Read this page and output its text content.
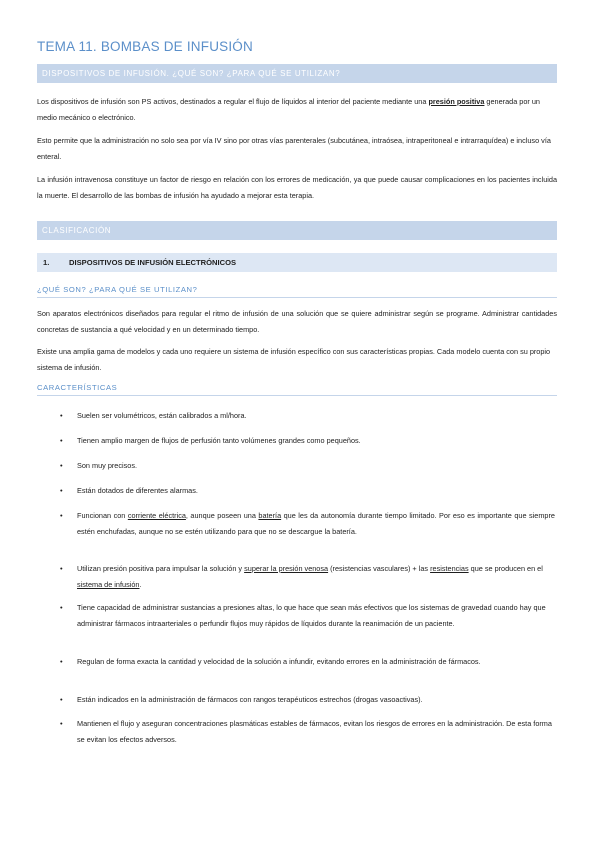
TEMA 11. BOMBAS DE INFUSIÓN
DISPOSITIVOS DE INFUSIÓN. ¿QUÉ SON? ¿PARA QUÉ SE UTILIZAN?
Los dispositivos de infusión son PS activos, destinados a regular el flujo de líquidos al interior del paciente mediante una presión positiva generada por un medio mecánico o electrónico.
Esto permite que la administración no solo sea por vía IV sino por otras vías parenterales (subcutánea, intraósea, intraperitoneal e intrarraquídea) e incluso vía enteral.
La infusión intravenosa constituye un factor de riesgo en relación con los errores de medicación, ya que puede causar complicaciones en los pacientes incluida la muerte. El desarrollo de las bombas de infusión ha ayudado a mejorar esta terapia.
CLASIFICACIÓN
1.	DISPOSITIVOS DE INFUSIÓN ELECTRÓNICOS
¿QUÉ SON? ¿PARA QUÉ SE UTILIZAN?
Son aparatos electrónicos diseñados para regular el ritmo de infusión de una solución que se quiere administrar según se programe. Administrar cantidades concretas de sustancia a qué velocidad y en un determinado tiempo.
Existe una amplia gama de modelos y cada uno requiere un sistema de infusión específico con sus características propias. Cada modelo cuenta con su propio sistema de infusión.
CARACTERÍSTICAS
• Suelen ser volumétricos, están calibrados a ml/hora.
• Tienen amplio margen de flujos de perfusión tanto volúmenes grandes como pequeños.
• Son muy precisos.
• Están dotados de diferentes alarmas.
• Funcionan con corriente eléctrica, aunque poseen una batería que les da autonomía durante tiempo limitado. Por eso es importante que siempre estén enchufadas, aunque no se estén utilizando para que no se descargue la batería.
• Utilizan presión positiva para impulsar la solución y superar la presión venosa (resistencias vasculares) + las resistencias que se producen en el sistema de infusión.
• Tiene capacidad de administrar sustancias a presiones altas, lo que hace que sean más efectivos que los sistemas de gravedad cuando hay que administrar fármacos intraarteriales o perfundir flujos muy rápidos de líquidos durante la reanimación de un paciente.
• Regulan de forma exacta la cantidad y velocidad de la solución a infundir, evitando errores en la administración de fármacos.
• Están indicados en la administración de fármacos con rangos terapéuticos estrechos (drogas vasoactivas).
• Mantienen el flujo y aseguran concentraciones plasmáticas estables de fármacos, evitan los riesgos de errores en la administración. De esta forma se evitan los efectos adversos.
